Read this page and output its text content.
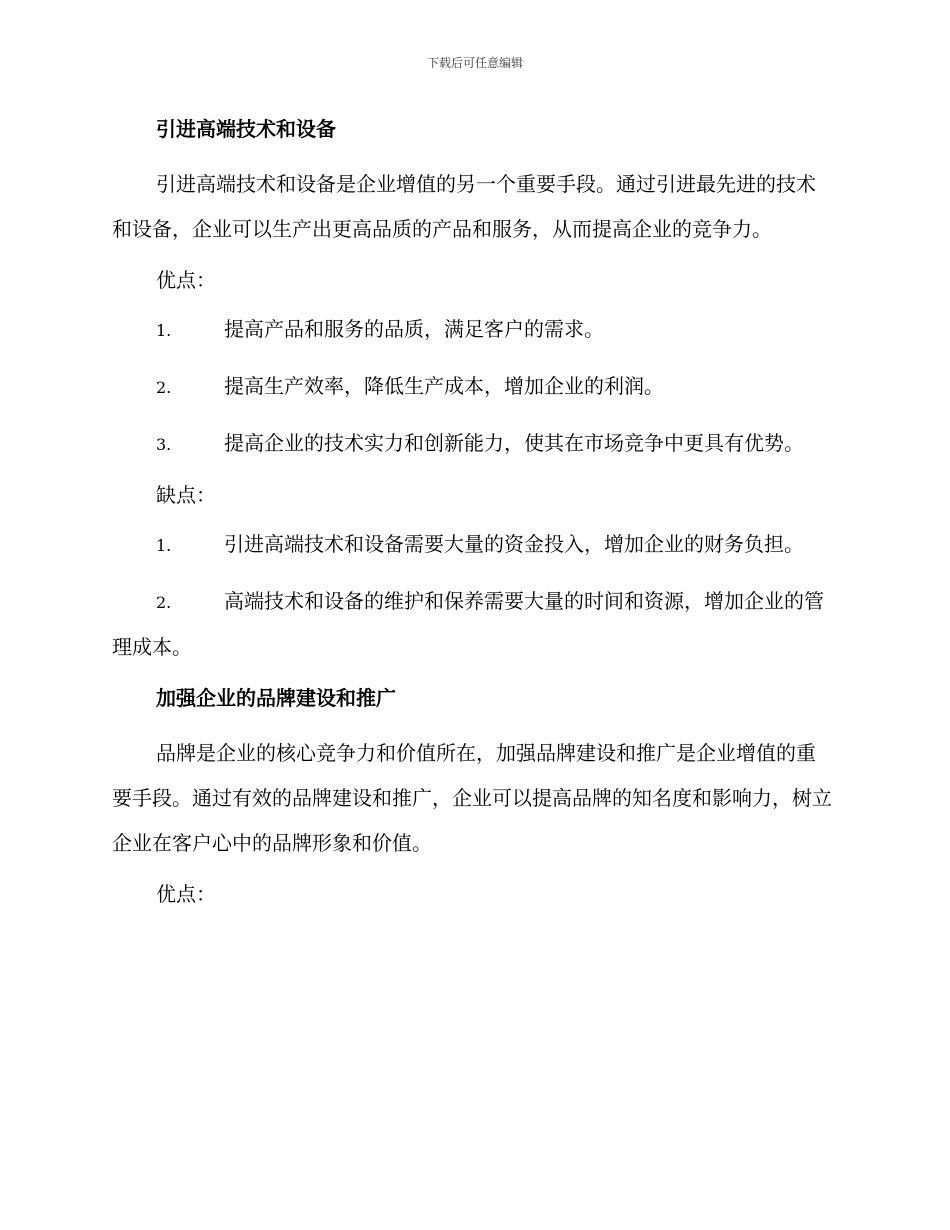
下载后可任意编辑

引进高端技术和设备

引进高端技术和设备是企业增值的另一个重要手段。通过引进最先进的技术和设备，企业可以生产出更高品质的产品和服务，从而提高企业的竞争力。

优点：

1.	提高产品和服务的品质，满足客户的需求。

2.	提高生产效率，降低生产成本，增加企业的利润。

3.	提高企业的技术实力和创新能力，使其在市场竞争中更具有优势。

缺点：

1.	引进高端技术和设备需要大量的资金投入，增加企业的财务负担。

2.	高端技术和设备的维护和保养需要大量的时间和资源，增加企业的管理成本。

加强企业的品牌建设和推广

品牌是企业的核心竞争力和价值所在，加强品牌建设和推广是企业增值的重要手段。通过有效的品牌建设和推广，企业可以提高品牌的知名度和影响力，树立企业在客户心中的品牌形象和价值。

优点：
